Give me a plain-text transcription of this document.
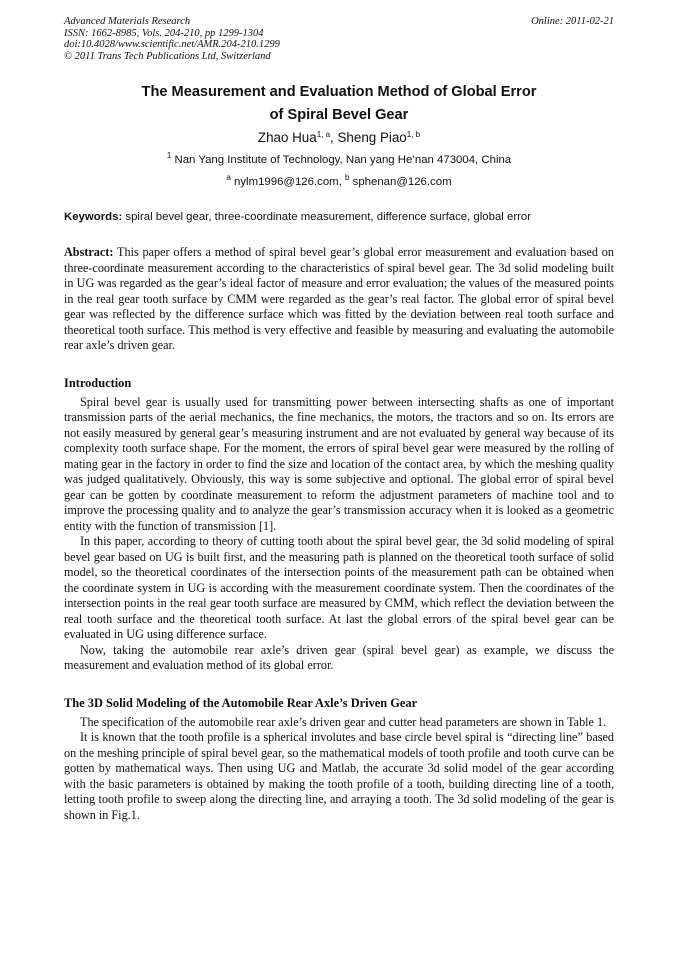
Advanced Materials Research
ISSN: 1662-8985, Vols. 204-210, pp 1299-1304
doi:10.4028/www.scientific.net/AMR.204-210.1299
© 2011 Trans Tech Publications Ltd, Switzerland
Online: 2011-02-21
The Measurement and Evaluation Method of Global Error
of Spiral Bevel Gear
Zhao Hua$^{1, a}$, Sheng Piao$^{1, b}$
$^1$ Nan Yang Institute of Technology, Nan yang He’nan 473004, China
$^a$ nylm1996@126.com, $^b$ sphenan@126.com
Keywords: spiral bevel gear, three-coordinate measurement, difference surface, global error
Abstract: This paper offers a method of spiral bevel gear’s global error measurement and evaluation based on three-coordinate measurement according to the characteristics of spiral bevel gear. The 3d solid modeling built in UG was regarded as the gear’s ideal factor of measure and error evaluation; the values of the measured points in the real gear tooth surface by CMM were regarded as the gear’s real factor. The global error of spiral bevel gear was reflected by the difference surface which was fitted by the deviation between real tooth surface and theoretical tooth surface. This method is very effective and feasible by measuring and evaluating the automobile rear axle’s driven gear.
Introduction

Spiral bevel gear is usually used for transmitting power between intersecting shafts as one of important transmission parts of the aerial mechanics, the fine mechanics, the motors, the tractors and so on. Its errors are not easily measured by general gear’s measuring instrument and are not evaluated by general way because of its complexity tooth surface shape. For the moment, the errors of spiral bevel gear were measured by the rolling of mating gear in the factory in order to find the size and location of the contact area, by which the meshing quality was judged qualitatively. Obviously, this way is some subjective and optional. The global error of spiral bevel gear can be gotten by coordinate measurement to reform the adjustment parameters of machine tool and to improve the processing quality and to analyze the gear’s transmission accuracy when it is looked as a geometric entity with the function of transmission [1].

In this paper, according to theory of cutting tooth about the spiral bevel gear, the 3d solid modeling of spiral bevel gear based on UG is built first, and the measuring path is planned on the theoretical tooth surface of solid model, so the theoretical coordinates of the intersection points of the measurement path can be obtained when the coordinate system in UG is according with the measurement coordinate system. Then the coordinates of the intersection points in the real gear tooth surface are measured by CMM, which reflect the deviation between the real tooth surface and the theoretical tooth surface. At last the global errors of the spiral bevel gear can be evaluated in UG using difference surface.

Now, taking the automobile rear axle’s driven gear (spiral bevel gear) as example, we discuss the measurement and evaluation method of its global error.

The 3D Solid Modeling of the Automobile Rear Axle’s Driven Gear

The specification of the automobile rear axle’s driven gear and cutter head parameters are shown in Table 1.

It is known that the tooth profile is a spherical involutes and base circle bevel spiral is “directing line” based on the meshing principle of spiral bevel gear, so the mathematical models of tooth profile and tooth curve can be gotten by mathematical ways. Then using UG and Matlab, the accurate 3d solid model of the gear according with the basic parameters is obtained by making the tooth profile of a tooth, building directing line of a tooth, letting tooth profile to sweep along the directing line, and arraying a tooth. The 3d solid modeling of the gear is shown in Fig.1.
